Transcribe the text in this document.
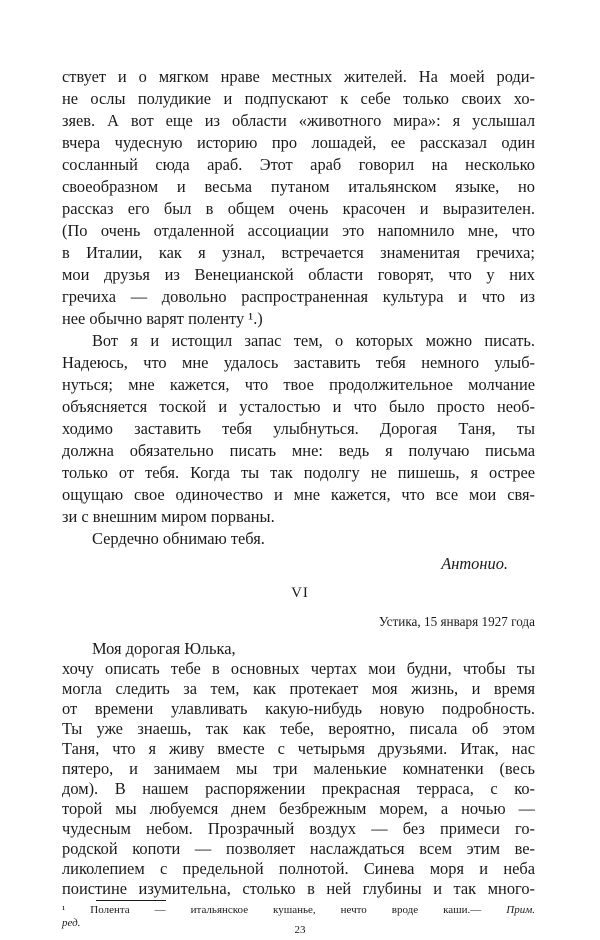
ствует и о мягком нраве местных жителей. На моей роди-
не ослы полудикие и подпускают к себе только своих хо-
зяев. А вот еще из области «животного мира»: я услышал
вчера чудесную историю про лошадей, ее рассказал один
сосланный сюда араб. Этот араб говорил на несколько
своеобразном и весьма путаном итальянском языке, но
рассказ его был в общем очень красочен и выразителен.
(По очень отдаленной ассоциации это напомнило мне, что
в Италии, как я узнал, встречается знаменитая гречиха;
мои друзья из Венецианской области говорят, что у них
гречиха — довольно распространенная культура и что из
нее обычно варят поленту ¹.)
Вот я и истощил запас тем, о которых можно писать.
Надеюсь, что мне удалось заставить тебя немного улыб-
нуться; мне кажется, что твое продолжительное молчание
объясняется тоской и усталостью и что было просто необ-
ходимо заставить тебя улыбнуться. Дорогая Таня, ты
должна обязательно писать мне: ведь я получаю письма
только от тебя. Когда ты так подолгу не пишешь, я острее
ощущаю свое одиночество и мне кажется, что все мои свя-
зи с внешним миром порваны.
Сердечно обнимаю тебя.
Антонио.
VI
Устика, 15 января 1927 года
Моя дорогая Юлька,
хочу описать тебе в основных чертах мои будни, чтобы ты
могла следить за тем, как протекает моя жизнь, и время
от времени улавливать какую-нибудь новую подробность.
Ты уже знаешь, так как тебе, вероятно, писала об этом
Таня, что я живу вместе с четырьмя друзьями. Итак, нас
пятеро, и занимаем мы три маленькие комнатенки (весь
дом). В нашем распоряжении прекрасная терраса, с ко-
торой мы любуемся днем безбрежным морем, а ночью —
чудесным небом. Прозрачный воздух — без примеси го-
родской копоти — позволяет наслаждаться всем этим ве-
ликолепием с предельной полнотой. Синева моря и неба
поистине изумительна, столько в ней глубины и так много-
¹ Полента — итальянское кушанье, нечто вроде каши.— Прим.
ред.
23
